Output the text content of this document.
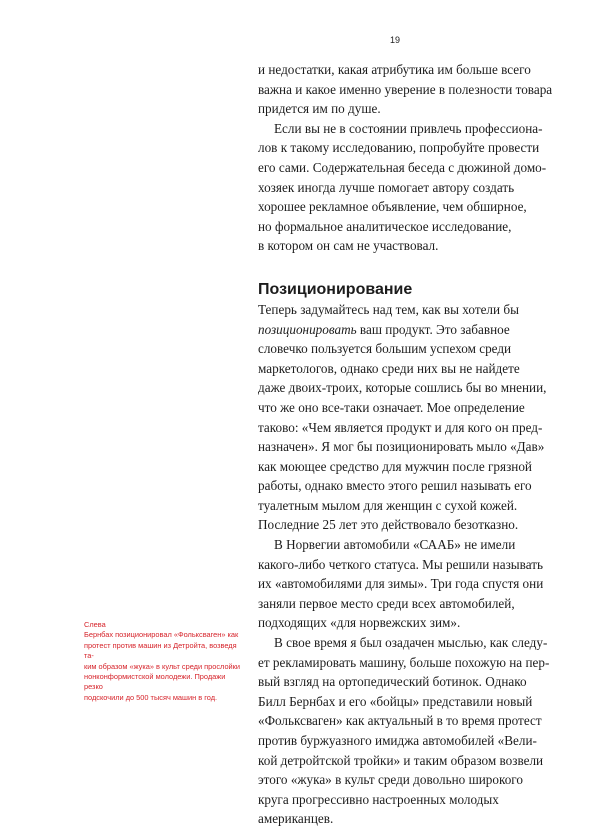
19

и недостатки, какая атрибутика им больше всего
важна и какое именно уверение в полезности товара
придется им по душе.

Если вы не в состоянии привлечь профессиона-
лов к такому исследованию, попробуйте провести
его сами. Содержательная беседа с дюжиной домо-
хозяек иногда лучше помогает автору создать
хорошее рекламное объявление, чем обширное,
но формальное аналитическое исследование,
в котором он сам не участвовал.

Позиционирование

Теперь задумайтесь над тем, как вы хотели бы
позиционировать ваш продукт. Это забавное
словечко пользуется большим успехом среди
маркетологов, однако среди них вы не найдете
даже двоих-троих, которые сошлись бы во мнении,
что же оно все-таки означает. Мое определение
таково: «Чем является продукт и для кого он пред-
назначен». Я мог бы позиционировать мыло «Дав»
как моющее средство для мужчин после грязной
работы, однако вместо этого решил называть его
туалетным мылом для женщин с сухой кожей.
Последние 25 лет это действовало безотказно.

В Норвегии автомобили «СААБ» не имели
какого-либо четкого статуса. Мы решили называть
их «автомобилями для зимы». Три года спустя они
заняли первое место среди всех автомобилей,
подходящих «для норвежских зим».

В свое время я был озадачен мыслью, как следу-
ет рекламировать машину, больше похожую на пер-
вый взгляд на ортопедический ботинок. Однако
Билл Бернбах и его «бойцы» представили новый
«Фольксваген» как актуальный в то время протест
против буржуазного имиджа автомобилей «Вели-
кой детройтской тройки» и таким образом возвели
этого «жука» в культ среди довольно широкого
круга прогрессивно настроенных молодых
американцев.

Слева

Бернбах позиционировал «Фольксваген» как
протест против машин из Детройта, возведя та-
ким образом «жука» в культ среди прослойки
нонконформистской молодежи. Продажи резко
подскочили до 500 тысяч машин в год.
